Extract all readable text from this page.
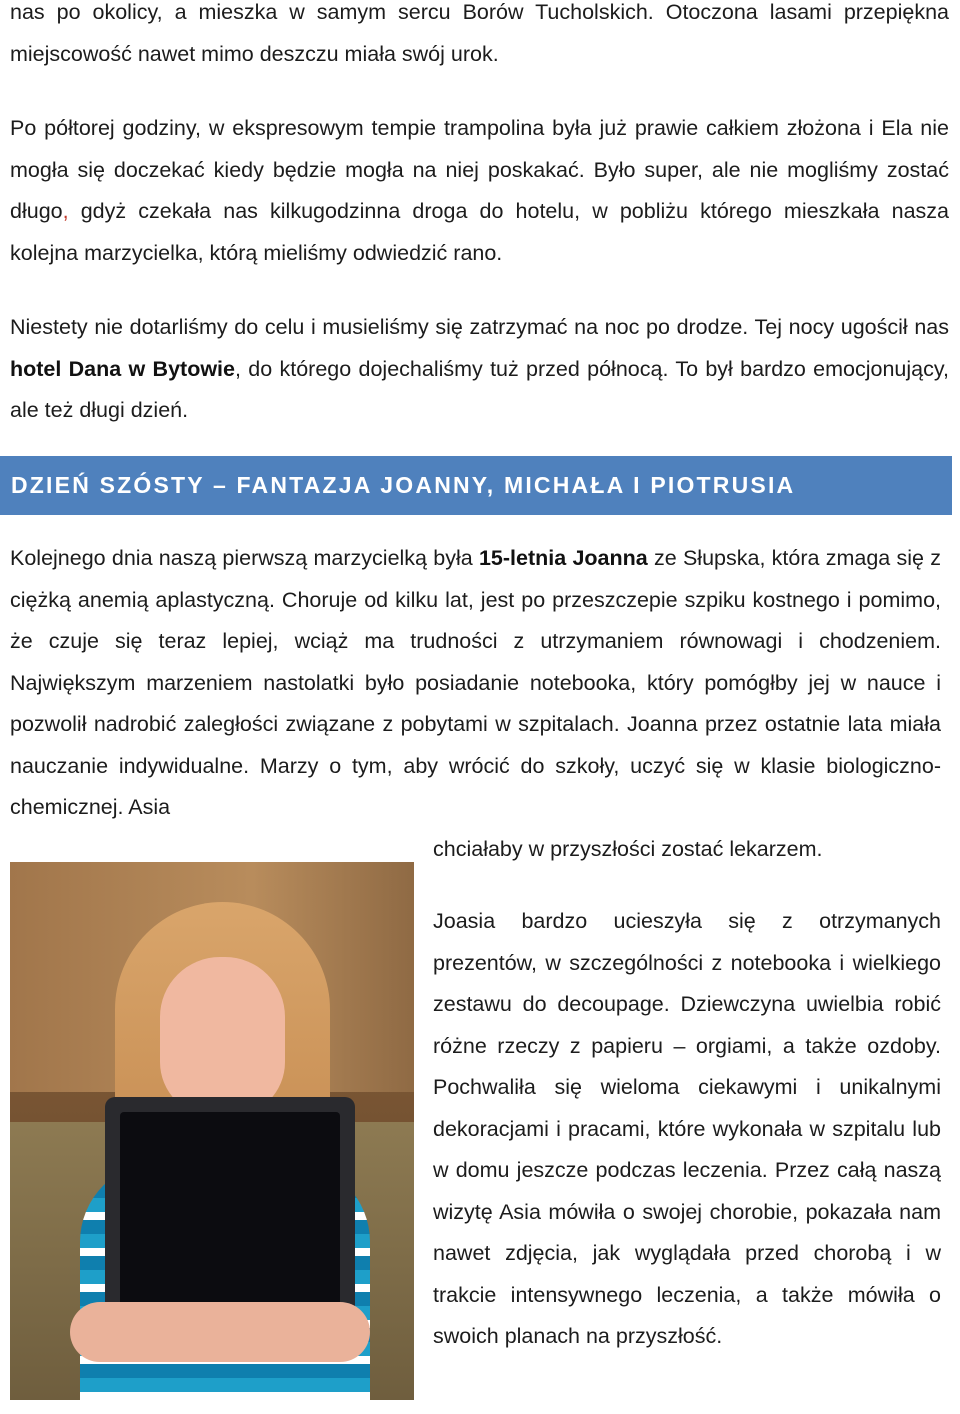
nas po okolicy, a mieszka w samym sercu Borów Tucholskich. Otoczona lasami przepiękna miejscowość nawet mimo deszczu miała swój urok.

Po półtorej godziny, w ekspresowym tempie trampolina była już prawie całkiem złożona i Ela nie mogła się doczekać kiedy będzie mogła na niej poskakać. Było super, ale nie mogliśmy zostać długo, gdyż czekała nas kilkugodzinna droga do hotelu, w pobliżu którego mieszkała nasza kolejna marzycielka, którą mieliśmy odwiedzić rano.

Niestety nie dotarliśmy do celu i musieliśmy się zatrzymać na noc po drodze. Tej nocy ugościł nas hotel Dana w Bytowie, do którego dojechaliśmy tuż przed północą. To był bardzo emocjonujący, ale też długi dzień.

DZIEŃ SZÓSTY – FANTAZJA JOANNY, MICHAŁA I PIOTRUSIA

Kolejnego dnia naszą pierwszą marzycielką była 15-letnia Joanna ze Słupska, która zmaga się z ciężką anemią aplastyczną. Choruje od kilku lat, jest po przeszczepie szpiku kostnego i pomimo, że czuje się teraz lepiej, wciąż ma trudności z utrzymaniem równowagi i chodzeniem. Największym marzeniem nastolatki było posiadanie notebooka, który pomógłby jej w nauce i pozwolił nadrobić zaległości związane z pobytami w szpitalach. Joanna przez ostatnie lata miała nauczanie indywidualne. Marzy o tym, aby wrócić do szkoły, uczyć się w klasie biologiczno-chemicznej. Asia

chciałaby w przyszłości zostać lekarzem.

Joasia bardzo ucieszyła się z otrzymanych prezentów, w szczególności z notebooka i wielkiego zestawu do decoupage. Dziewczyna uwielbia robić różne rzeczy z papieru – orgiami, a także ozdoby. Pochwaliła się wieloma ciekawymi i unikalnymi dekoracjami i pracami, które wykonała w szpitalu lub w domu jeszcze podczas leczenia. Przez całą naszą wizytę Asia mówiła o swojej chorobie, pokazała nam nawet zdjęcia, jak wyglądała przed chorobą i w trakcie intensywnego leczenia, a także mówiła o swoich planach na przyszłość.
